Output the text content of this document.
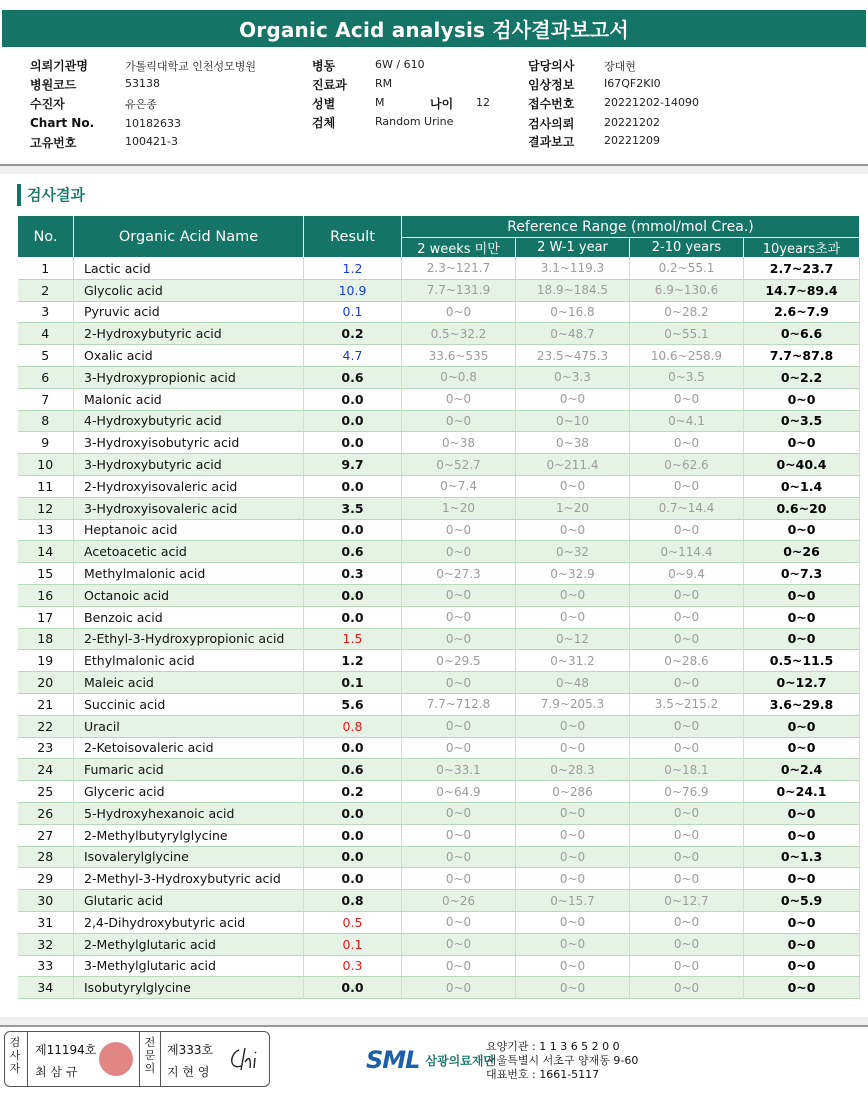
Organic Acid analysis 검사결과보고서
의뢰기관명	가톨릭대학교 인천성모병원
병원코드	53138
수진자	유은종
Chart No.	10182633
고유번호	100421-3
병동	6W / 610
진료과	RM
성별	M	나이 12
검체	Random Urine
담당의사	장대현
임상정보	I67QF2KI0
접수번호	20221202-14090
검사의뢰	20221202
결과보고	20221209
검사결과
No.	Organic Acid Name	Result	Reference Range (mmol/mol Crea.)			
			2 weeks 미만	2 W-1 year	2-10 years	10years초과
1	Lactic acid	1.2	2.3~121.7	3.1~119.3	0.2~55.1	2.7~23.7
2	Glycolic acid	10.9	7.7~131.9	18.9~184.5	6.9~130.6	14.7~89.4
3	Pyruvic acid	0.1	0~0	0~16.8	0~28.2	2.6~7.9
4	2-Hydroxybutyric acid	0.2	0.5~32.2	0~48.7	0~55.1	0~6.6
5	Oxalic acid	4.7	33.6~535	23.5~475.3	10.6~258.9	7.7~87.8
6	3-Hydroxypropionic acid	0.6	0~0.8	0~3.3	0~3.5	0~2.2
7	Malonic acid	0.0	0~0	0~0	0~0	0~0
8	4-Hydroxybutyric acid	0.0	0~0	0~10	0~4.1	0~3.5
9	3-Hydroxyisobutyric acid	0.0	0~38	0~38	0~0	0~0
10	3-Hydroxybutyric acid	9.7	0~52.7	0~211.4	0~62.6	0~40.4
11	2-Hydroxyisovaleric acid	0.0	0~7.4	0~0	0~0	0~1.4
12	3-Hydroxyisovaleric acid	3.5	1~20	1~20	0.7~14.4	0.6~20
13	Heptanoic acid	0.0	0~0	0~0	0~0	0~0
14	Acetoacetic acid	0.6	0~0	0~32	0~114.4	0~26
15	Methylmalonic acid	0.3	0~27.3	0~32.9	0~9.4	0~7.3
16	Octanoic acid	0.0	0~0	0~0	0~0	0~0
17	Benzoic acid	0.0	0~0	0~0	0~0	0~0
18	2-Ethyl-3-Hydroxypropionic acid	1.5	0~0	0~12	0~0	0~0
19	Ethylmalonic acid	1.2	0~29.5	0~31.2	0~28.6	0.5~11.5
20	Maleic acid	0.1	0~0	0~48	0~0	0~12.7
21	Succinic acid	5.6	7.7~712.8	7.9~205.3	3.5~215.2	3.6~29.8
22	Uracil	0.8	0~0	0~0	0~0	0~0
23	2-Ketoisovaleric acid	0.0	0~0	0~0	0~0	0~0
24	Fumaric acid	0.6	0~33.1	0~28.3	0~18.1	0~2.4
25	Glyceric acid	0.2	0~64.9	0~286	0~76.9	0~24.1
26	5-Hydroxyhexanoic acid	0.0	0~0	0~0	0~0	0~0
27	2-Methylbutyrylglycine	0.0	0~0	0~0	0~0	0~0
28	Isovalerylglycine	0.0	0~0	0~0	0~0	0~1.3
29	2-Methyl-3-Hydroxybutyric acid	0.0	0~0	0~0	0~0	0~0
30	Glutaric acid	0.8	0~26	0~15.7	0~12.7	0~5.9
31	2,4-Dihydroxybutyric acid	0.5	0~0	0~0	0~0	0~0
32	2-Methylglutaric acid	0.1	0~0	0~0	0~0	0~0
33	3-Methylglutaric acid	0.3	0~0	0~0	0~0	0~0
34	Isobutyrylglycine	0.0	0~0	0~0	0~0	0~0
검사자
제11194호
최 삼 규
전문의
제333호
지 현 영	SML 삼광의료재단
요양기관 : 1 1 3 6 5 2 0 0
서울특별시 서초구 양재동 9-60
대표번호 : 1661-5117
